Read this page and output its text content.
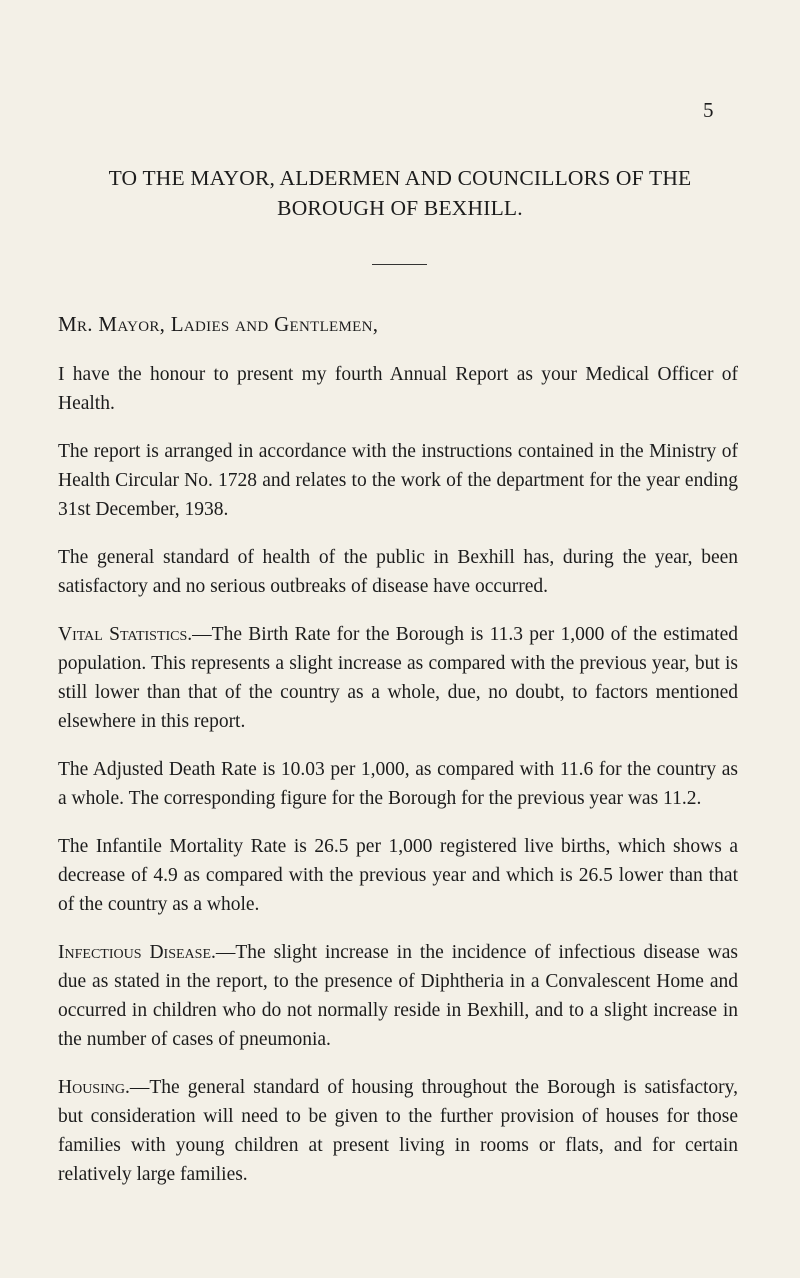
5
TO THE MAYOR, ALDERMEN AND COUNCILLORS OF THE
BOROUGH OF BEXHILL.
Mr. Mayor, Ladies and Gentlemen,

I have the honour to present my fourth Annual Report as your Medical Officer of Health.

The report is arranged in accordance with the instructions contained in the Ministry of Health Circular No. 1728 and relates to the work of the department for the year ending 31st December, 1938.

The general standard of health of the public in Bexhill has, during the year, been satisfactory and no serious outbreaks of disease have occurred.

Vital Statistics.—The Birth Rate for the Borough is 11.3 per 1,000 of the estimated population. This represents a slight increase as compared with the previous year, but is still lower than that of the country as a whole, due, no doubt, to factors mentioned elsewhere in this report.

The Adjusted Death Rate is 10.03 per 1,000, as compared with 11.6 for the country as a whole. The corresponding figure for the Borough for the previous year was 11.2.

The Infantile Mortality Rate is 26.5 per 1,000 registered live births, which shows a decrease of 4.9 as compared with the previous year and which is 26.5 lower than that of the country as a whole.

Infectious Disease.—The slight increase in the incidence of infectious disease was due as stated in the report, to the presence of Diphtheria in a Convalescent Home and occurred in children who do not normally reside in Bexhill, and to a slight increase in the number of cases of pneumonia.

Housing.—The general standard of housing throughout the Borough is satisfactory, but consideration will need to be given to the further provision of houses for those families with young children at present living in rooms or flats, and for certain relatively large families.
